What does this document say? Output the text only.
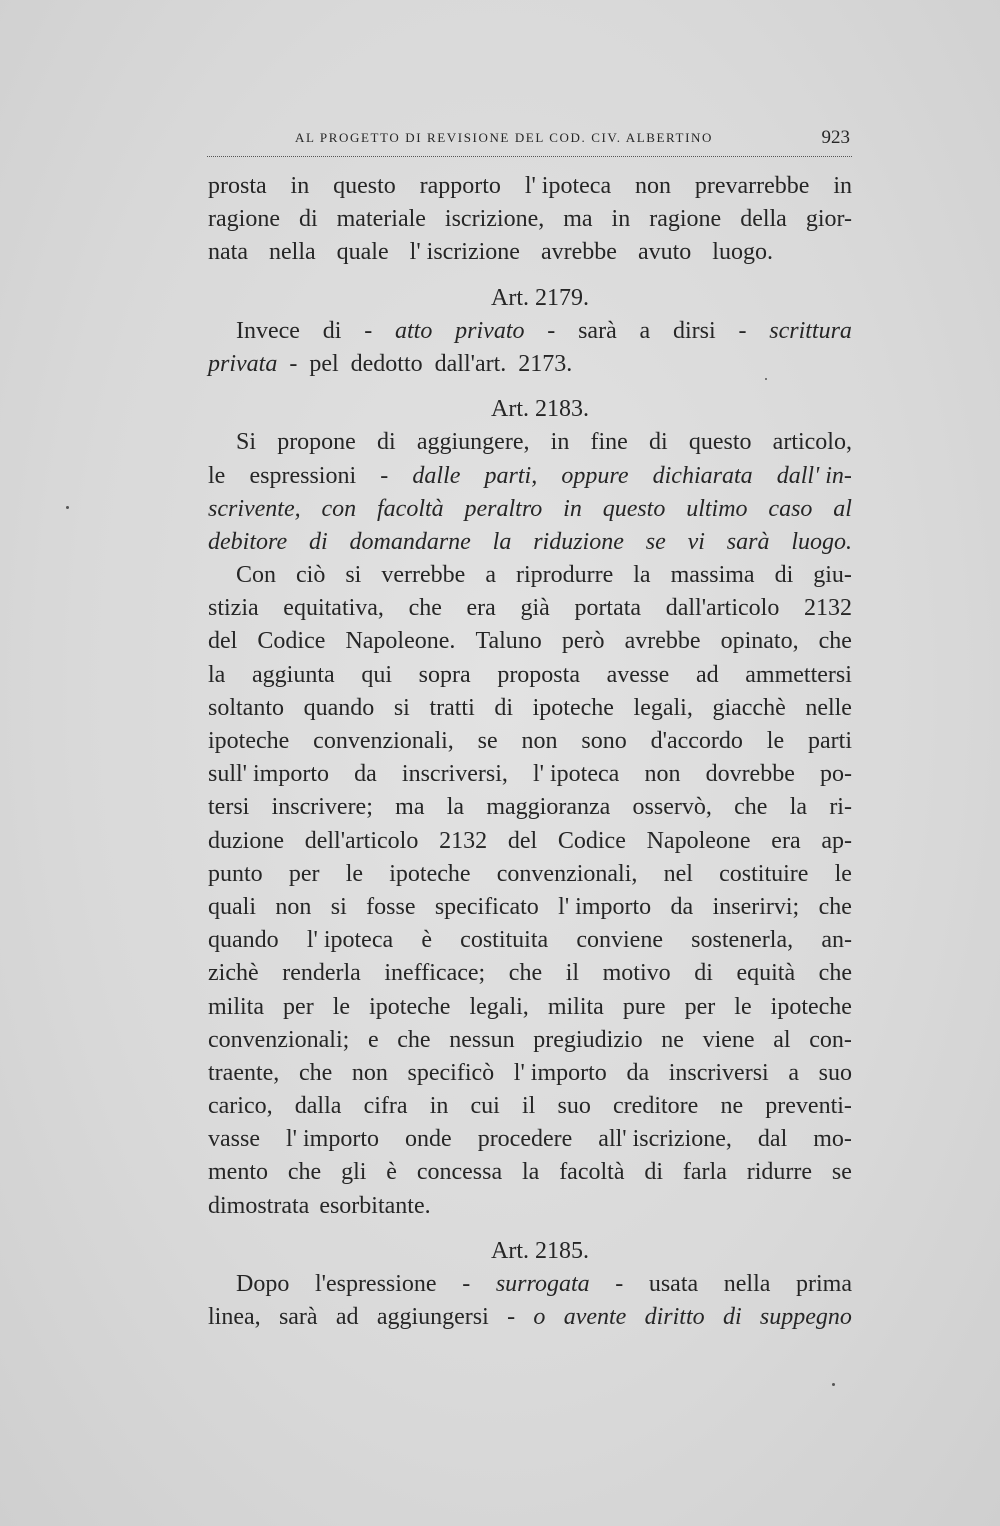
AL PROGETTO DI REVISIONE DEL COD. CIV. ALBERTINO	923
prosta in questo rapporto l' ipoteca non prevarrebbe in
ragione di materiale iscrizione, ma in ragione della gior-
nata nella quale l' iscrizione avrebbe avuto luogo.
Art. 2179.
Invece di - atto privato - sarà a dirsi - scrittura
privata - pel dedotto dall'art. 2173.
Art. 2183.
Si propone di aggiungere, in fine di questo articolo,
le espressioni - dalle parti, oppure dichiarata dall' in-
scrivente, con facoltà peraltro in questo ultimo caso al
debitore di domandarne la riduzione se vi sarà luogo.
Con ciò si verrebbe a riprodurre la massima di giu-
stizia equitativa, che era già portata dall'articolo 2132
del Codice Napoleone. Taluno però avrebbe opinato, che
la aggiunta qui sopra proposta avesse ad ammettersi
soltanto quando si tratti di ipoteche legali, giacchè nelle
ipoteche convenzionali, se non sono d'accordo le parti
sull' importo da inscriversi, l' ipoteca non dovrebbe po-
tersi inscrivere; ma la maggioranza osservò, che la ri-
duzione dell'articolo 2132 del Codice Napoleone era ap-
punto per le ipoteche convenzionali, nel costituire le
quali non si fosse specificato l' importo da inserirvi; che
quando l' ipoteca è costituita conviene sostenerla, an-
zichè renderla inefficace; che il motivo di equità che
milita per le ipoteche legali, milita pure per le ipoteche
convenzionali; e che nessun pregiudizio ne viene al con-
traente, che non specificò l' importo da inscriversi a suo
carico, dalla cifra in cui il suo creditore ne preventi-
vasse l' importo onde procedere all' iscrizione, dal mo-
mento che gli è concessa la facoltà di farla ridurre se
dimostrata esorbitante.
Art. 2185.
Dopo l'espressione - surrogata - usata nella prima
linea, sarà ad aggiungersi - o avente diritto di suppegno
